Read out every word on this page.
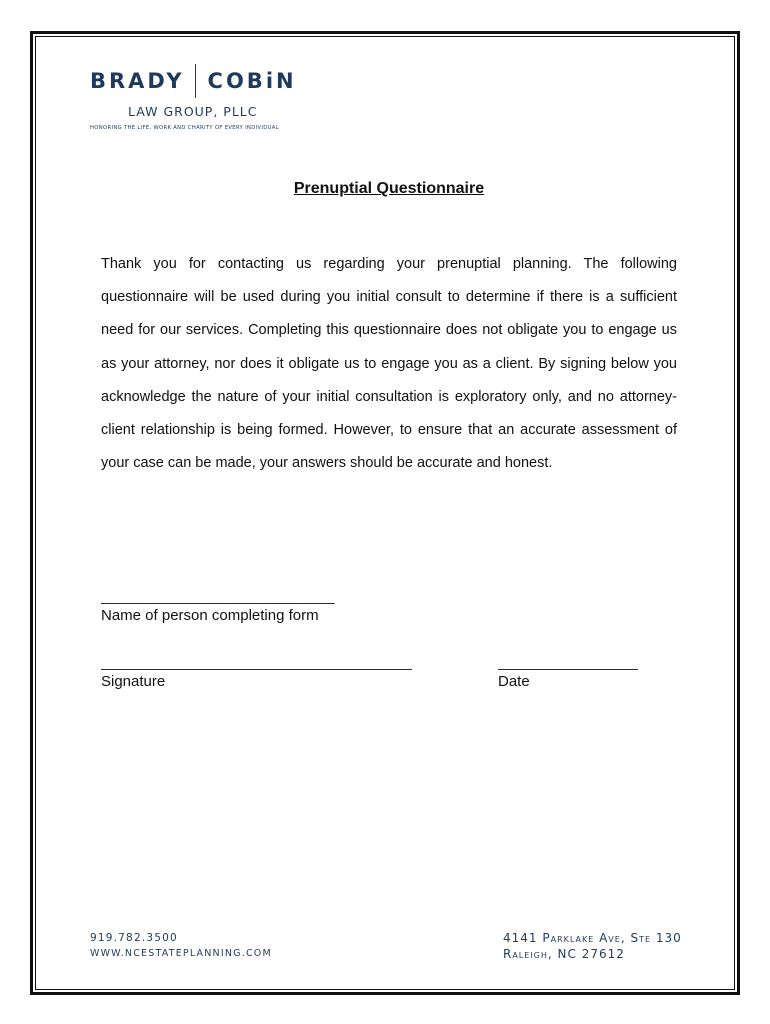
BRADY COBiN
LAW GROUP, PLLC
HONORING THE LIFE, WORK AND CHARITY OF EVERY INDIVIDUAL
Prenuptial Questionnaire
Thank you for contacting us regarding your prenuptial planning. The following questionnaire will be used during you initial consult to determine if there is a sufficient need for our services. Completing this questionnaire does not obligate you to engage us as your attorney, nor does it obligate us to engage you as a client. By signing below you acknowledge the nature of your initial consultation is exploratory only, and no attorney-client relationship is being formed. However, to ensure that an accurate assessment of your case can be made, your answers should be accurate and honest.
______________________________
Name of person completing form
________________________________________
Signature
__________________
Date
919.782.3500
WWW.NCESTATEPLANNING.COM
4141 Parklake Ave, Ste 130
Raleigh, NC 27612
